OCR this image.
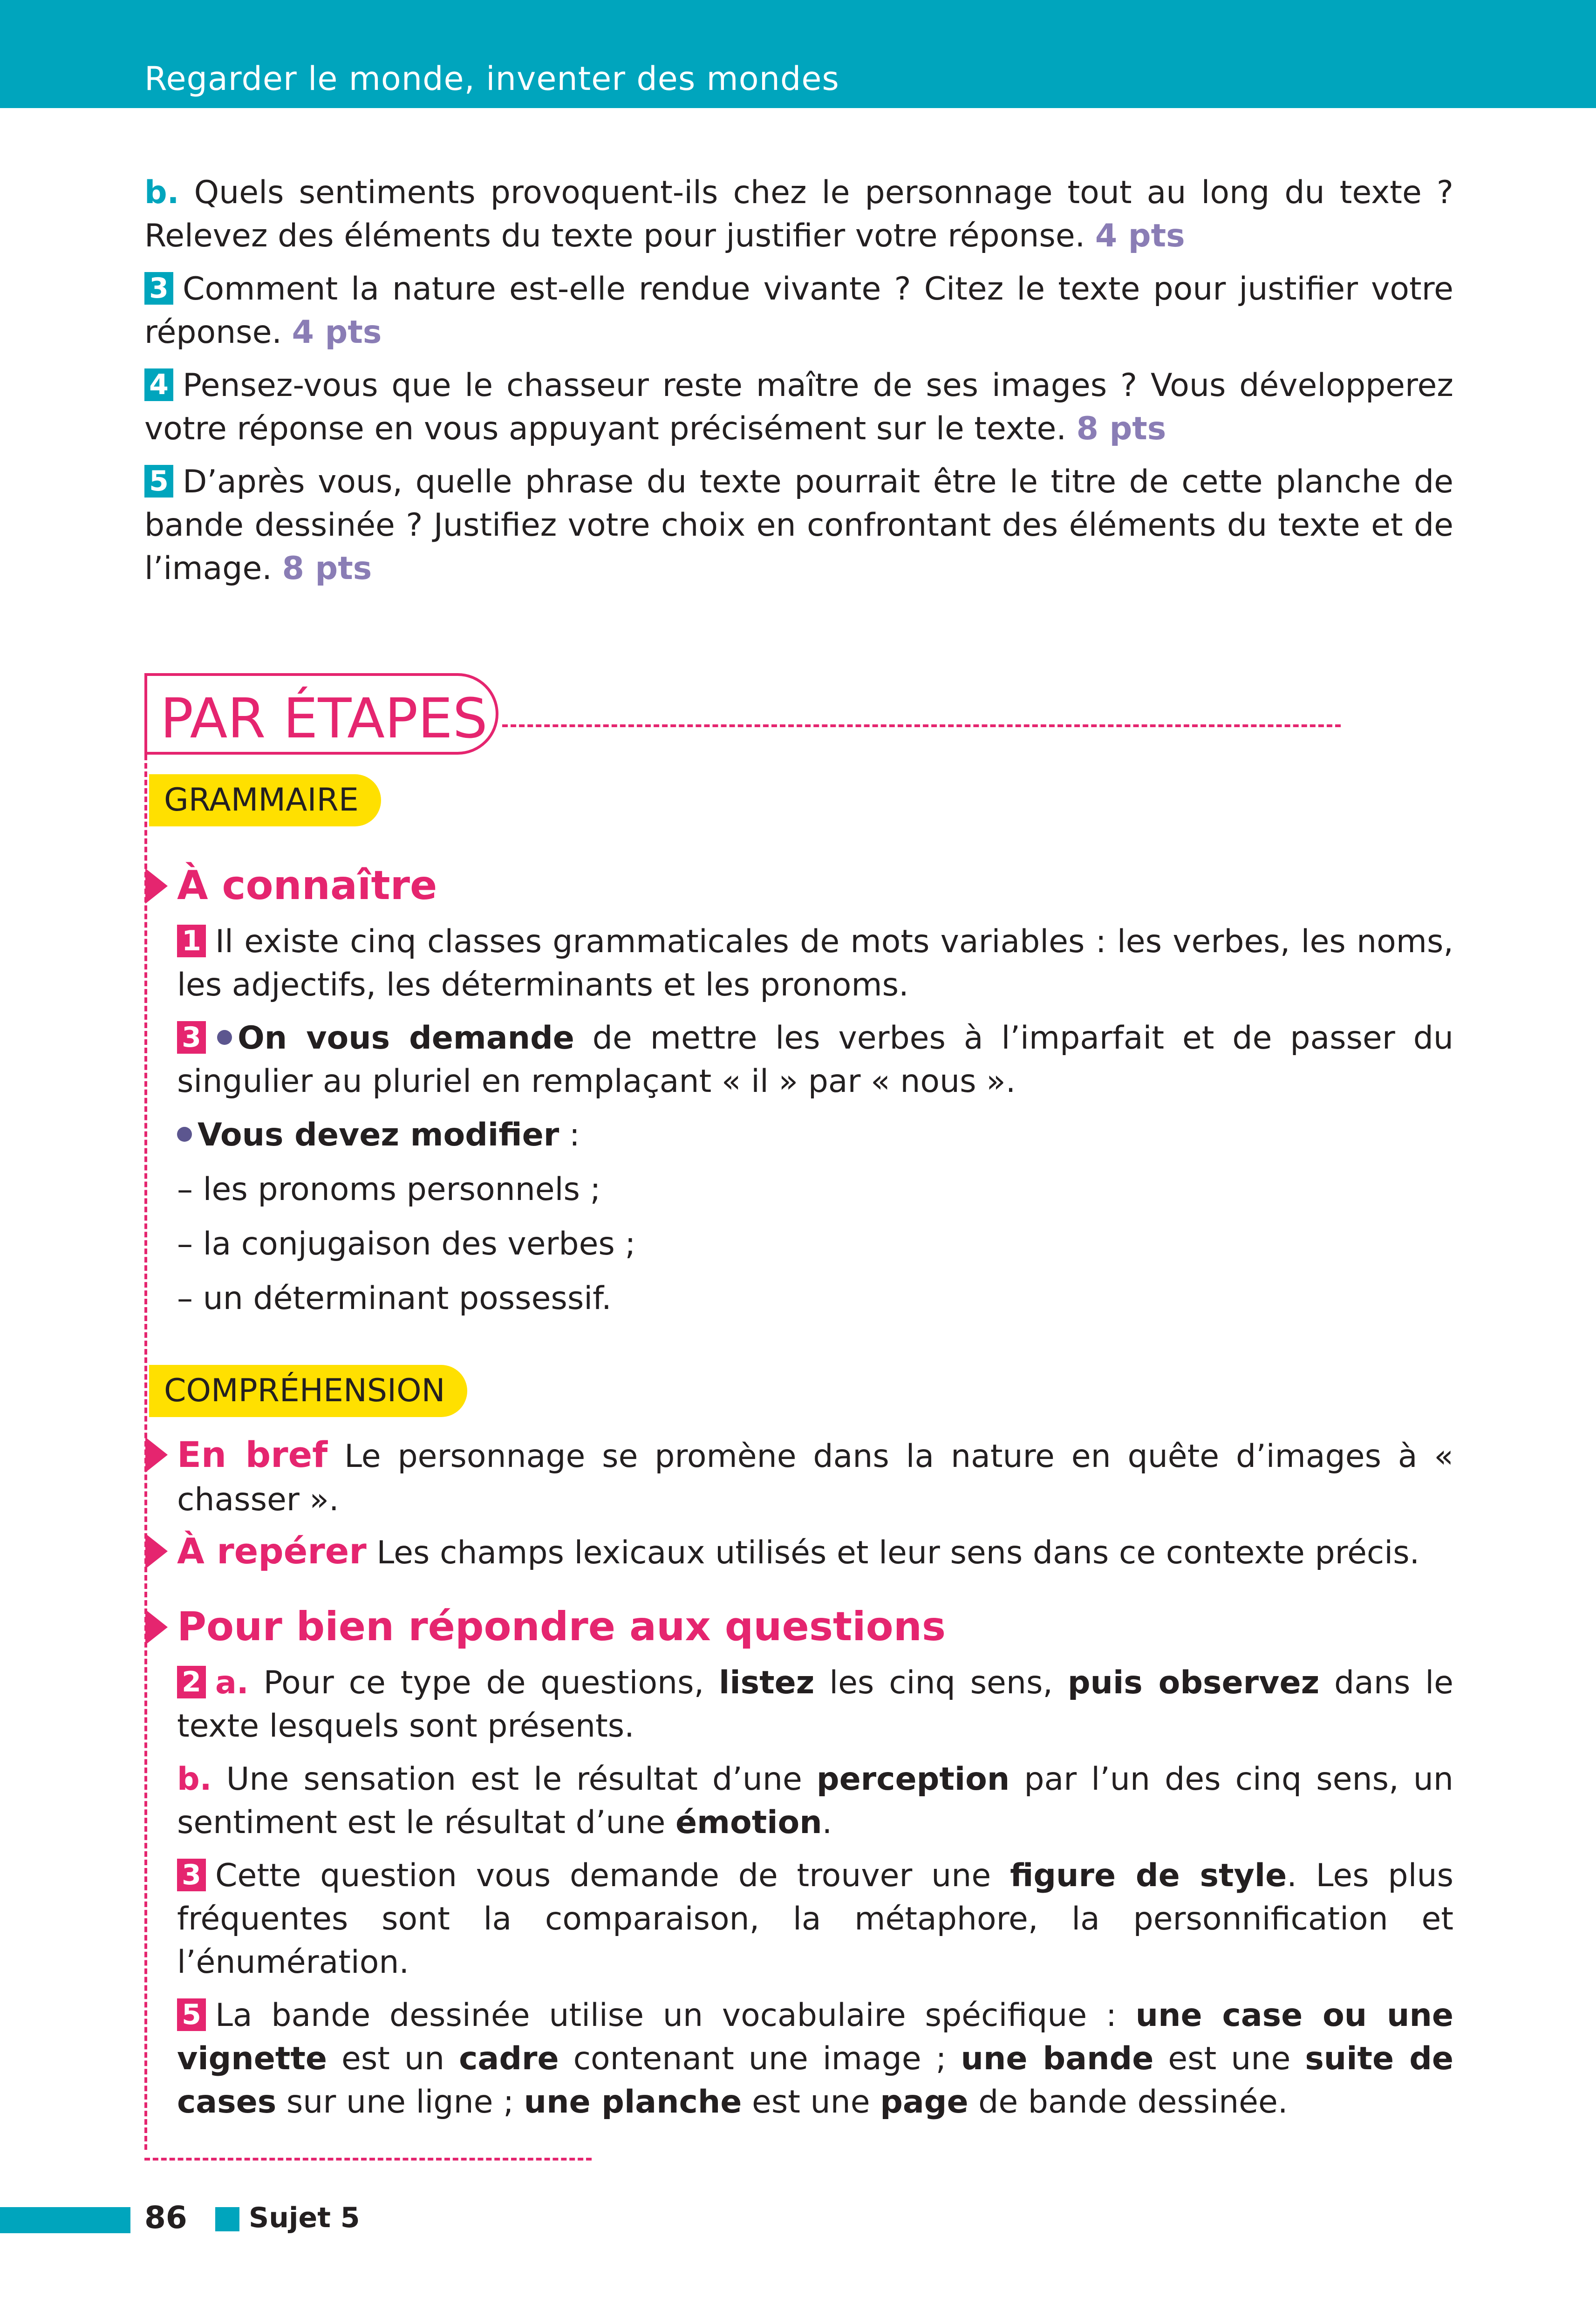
Regarder le monde, inventer des mondes

b. Quels sentiments provoquent-ils chez le personnage tout au long du texte ? Relevez des éléments du texte pour justifier votre réponse. 4 pts

3 Comment la nature est-elle rendue vivante ? Citez le texte pour justifier votre réponse. 4 pts

4 Pensez-vous que le chasseur reste maître de ses images ? Vous développerez votre réponse en vous appuyant précisément sur le texte. 8 pts

5 D’après vous, quelle phrase du texte pourrait être le titre de cette planche de bande dessinée ? Justifiez votre choix en confrontant des éléments du texte et de l’image. 8 pts

PAR ÉTAPES
GRAMMAIRE
À connaître

1 Il existe cinq classes grammaticales de mots variables : les verbes, les noms, les adjectifs, les déterminants et les pronoms.

3 On vous demande de mettre les verbes à l’imparfait et de passer du singulier au pluriel en remplaçant « il » par « nous ».

Vous devez modifier :

– les pronoms personnels ;

– la conjugaison des verbes ;

– un déterminant possessif.

COMPRÉHENSION

En bref Le personnage se promène dans la nature en quête d’images à « chasser ».

À repérer Les champs lexicaux utilisés et leur sens dans ce contexte précis.

Pour bien répondre aux questions

2 a. Pour ce type de questions, listez les cinq sens, puis observez dans le texte lesquels sont présents.

b. Une sensation est le résultat d’une perception par l’un des cinq sens, un sentiment est le résultat d’une émotion.

3 Cette question vous demande de trouver une figure de style. Les plus fréquentes sont la comparaison, la métaphore, la personnification et l’énumération.

5 La bande dessinée utilise un vocabulaire spécifique : une case ou une vignette est un cadre contenant une image ; une bande est une suite de cases sur une ligne ; une planche est une page de bande dessinée.

86 Sujet 5
